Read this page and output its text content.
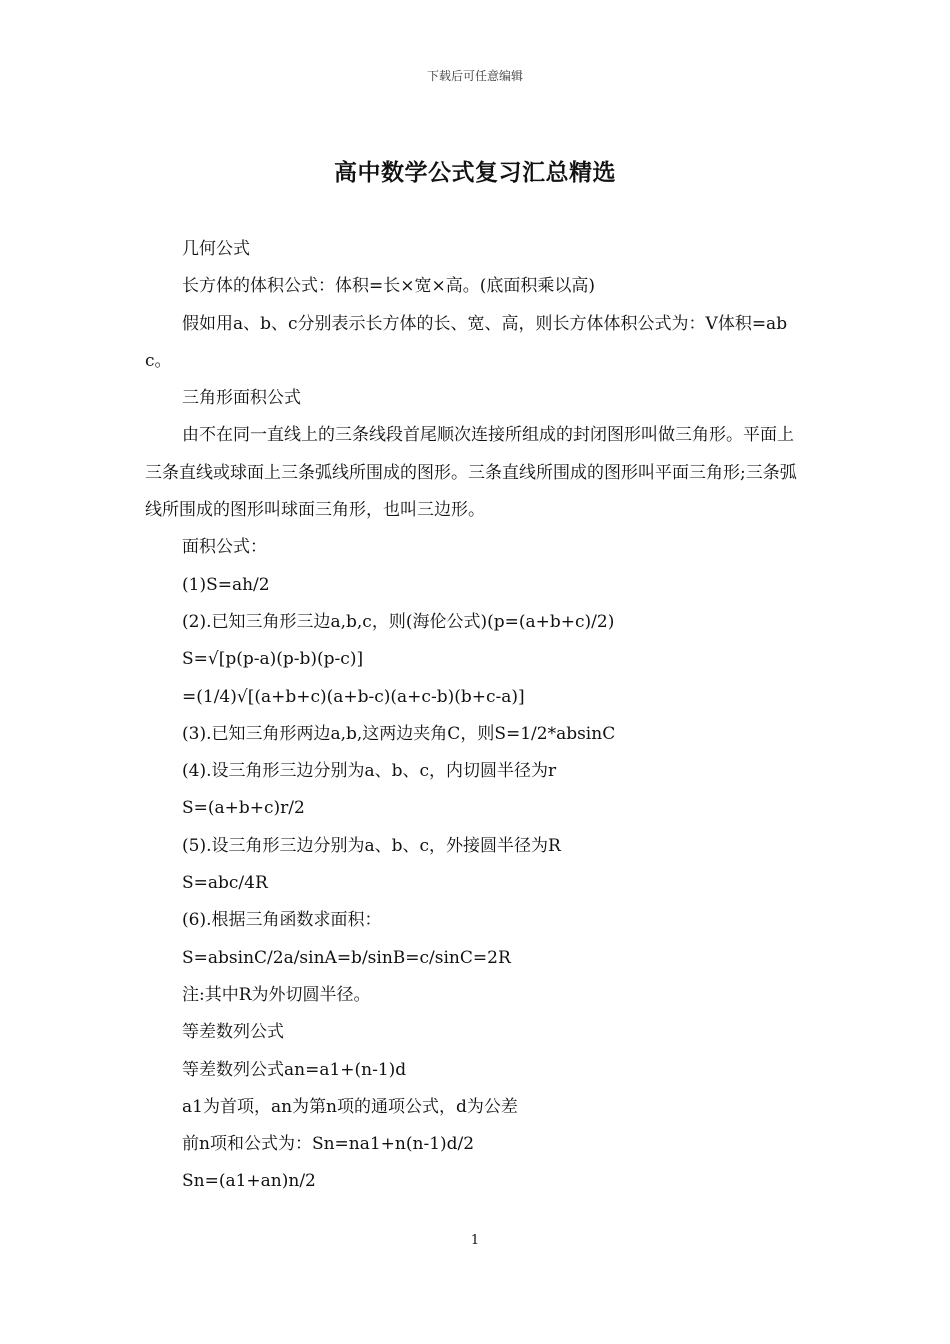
下载后可任意编辑
高中数学公式复习汇总精选

几何公式

长方体的体积公式：体积=长×宽×高。(底面积乘以高)

假如用a、b、c分别表示长方体的长、宽、高，则长方体体积公式为：V体积=abc。

三角形面积公式

由不在同一直线上的三条线段首尾顺次连接所组成的封闭图形叫做三角形。平面上三条直线或球面上三条弧线所围成的图形。三条直线所围成的图形叫平面三角形;三条弧线所围成的图形叫球面三角形，也叫三边形。

面积公式：

(1)S=ah/2

(2).已知三角形三边a,b,c，则(海伦公式)(p=(a+b+c)/2)

S=√[p(p-a)(p-b)(p-c)]

=(1/4)√[(a+b+c)(a+b-c)(a+c-b)(b+c-a)]

(3).已知三角形两边a,b,这两边夹角C，则S=1/2*absinC

(4).设三角形三边分别为a、b、c，内切圆半径为r

S=(a+b+c)r/2

(5).设三角形三边分别为a、b、c，外接圆半径为R

S=abc/4R

(6).根据三角函数求面积：

S=absinC/2a/sinA=b/sinB=c/sinC=2R

注:其中R为外切圆半径。

等差数列公式

等差数列公式an=a1+(n-1)d

a1为首项，an为第n项的通项公式，d为公差

前n项和公式为：Sn=na1+n(n-1)d/2

Sn=(a1+an)n/2

1
